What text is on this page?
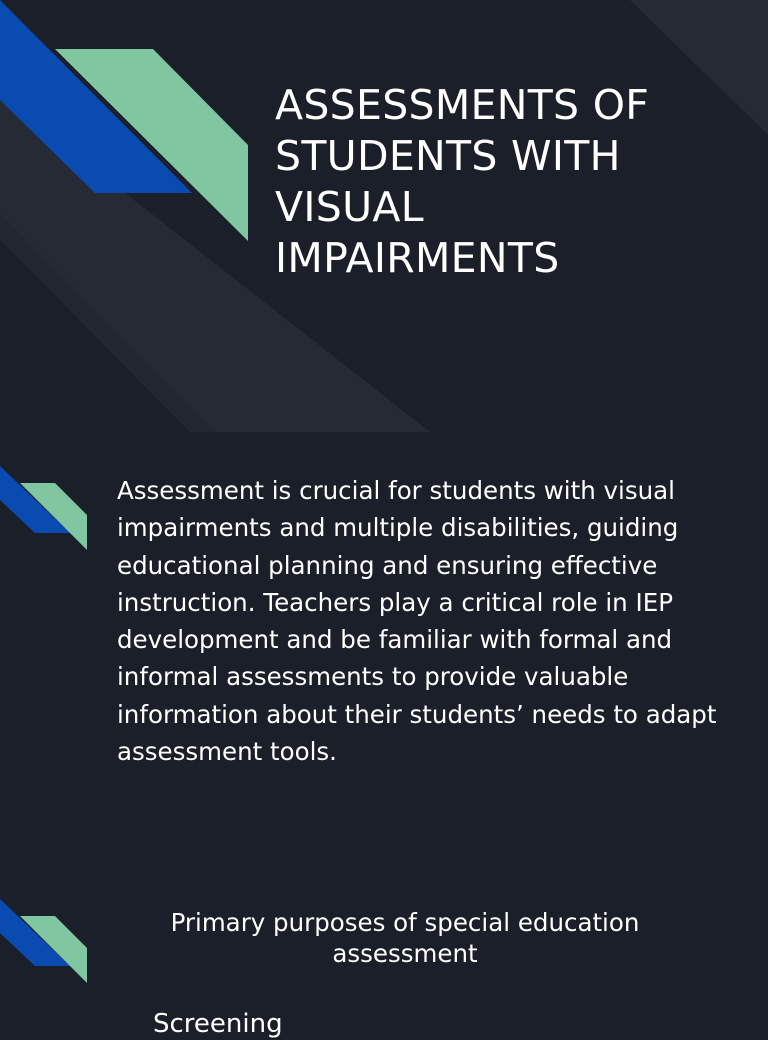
ASSESSMENTS OF
STUDENTS WITH
VISUAL
IMPAIRMENTS

Assessment is crucial for students with visual impairments and multiple disabilities, guiding educational planning and ensuring effective instruction. Teachers play a critical role in IEP development and be familiar with formal and informal assessments to provide valuable information about their students’ needs to adapt assessment tools.

Primary purposes of special education assessment

Screening
